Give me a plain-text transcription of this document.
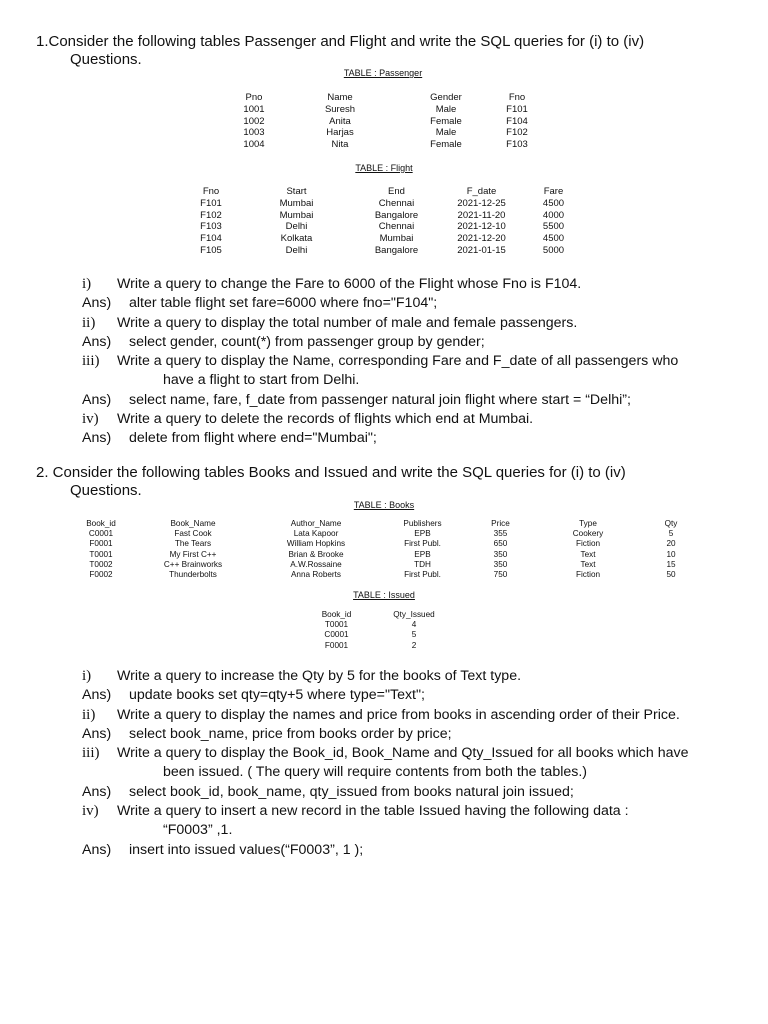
1.Consider the following tables Passenger and Flight and write the SQL queries for (i) to (iv)
Questions.
TABLE : Passenger
Pno	Name	Gender	Fno
1001	Suresh	Male	F101
1002	Anita	Female	F104
1003	Harjas	Male	F102
1004	Nita	Female	F103
TABLE : Flight
Fno	Start	End	F_date	Fare
F101	Mumbai	Chennai	2021-12-25	4500
F102	Mumbai	Bangalore	2021-11-20	4000
F103	Delhi	Chennai	2021-12-10	5500
F104	Kolkata	Mumbai	2021-12-20	4500
F105	Delhi	Bangalore	2021-01-15	5000
i)	Write a query to change the Fare to 6000 of the Flight whose Fno is F104.
Ans)	alter table flight set fare=6000 where fno="F104";
ii)	Write a query to display the total number of male and female passengers.
Ans)	select gender, count(*) from passenger group by gender;
iii)	Write a query to display the Name, corresponding Fare and F_date of all passengers who
have a flight to start from Delhi.
Ans)	select name, fare, f_date from passenger natural join flight where start = “Delhi”;
iv)	Write a query to delete the records of flights which end at Mumbai.
Ans)	delete from flight where end="Mumbai";
2. Consider the following tables Books and Issued and write the SQL queries for (i) to (iv)
Questions.
TABLE : Books
Book_id	Book_Name	Author_Name	Publishers	Price	Type	Qty
C0001	Fast Cook	Lata Kapoor	EPB	355	Cookery	5
F0001	The Tears	William Hopkins	First Publ.	650	Fiction	20
T0001	My First C++	Brian & Brooke	EPB	350	Text	10
T0002	C++ Brainworks	A.W.Rossaine	TDH	350	Text	15
F0002	Thunderbolts	Anna Roberts	First Publ.	750	Fiction	50
TABLE : Issued
Book_id	Qty_Issued
T0001	4
C0001	5
F0001	2
i)	Write a query to increase the Qty by 5 for the books of Text type.
Ans)	update books set qty=qty+5 where type="Text";
ii)	Write a query to display the names and price from books in ascending order of their Price.
Ans)	select book_name, price from books order by price;
iii)	Write a query to display the Book_id, Book_Name and Qty_Issued for all books which have
been issued. ( The query will require contents from both the tables.)
Ans)	select book_id, book_name, qty_issued from books natural join issued;
iv)	Write a query to insert a new record in the table Issued having the following data :
“F0003” ,1.
Ans)	insert into issued values(“F0003”, 1 );
